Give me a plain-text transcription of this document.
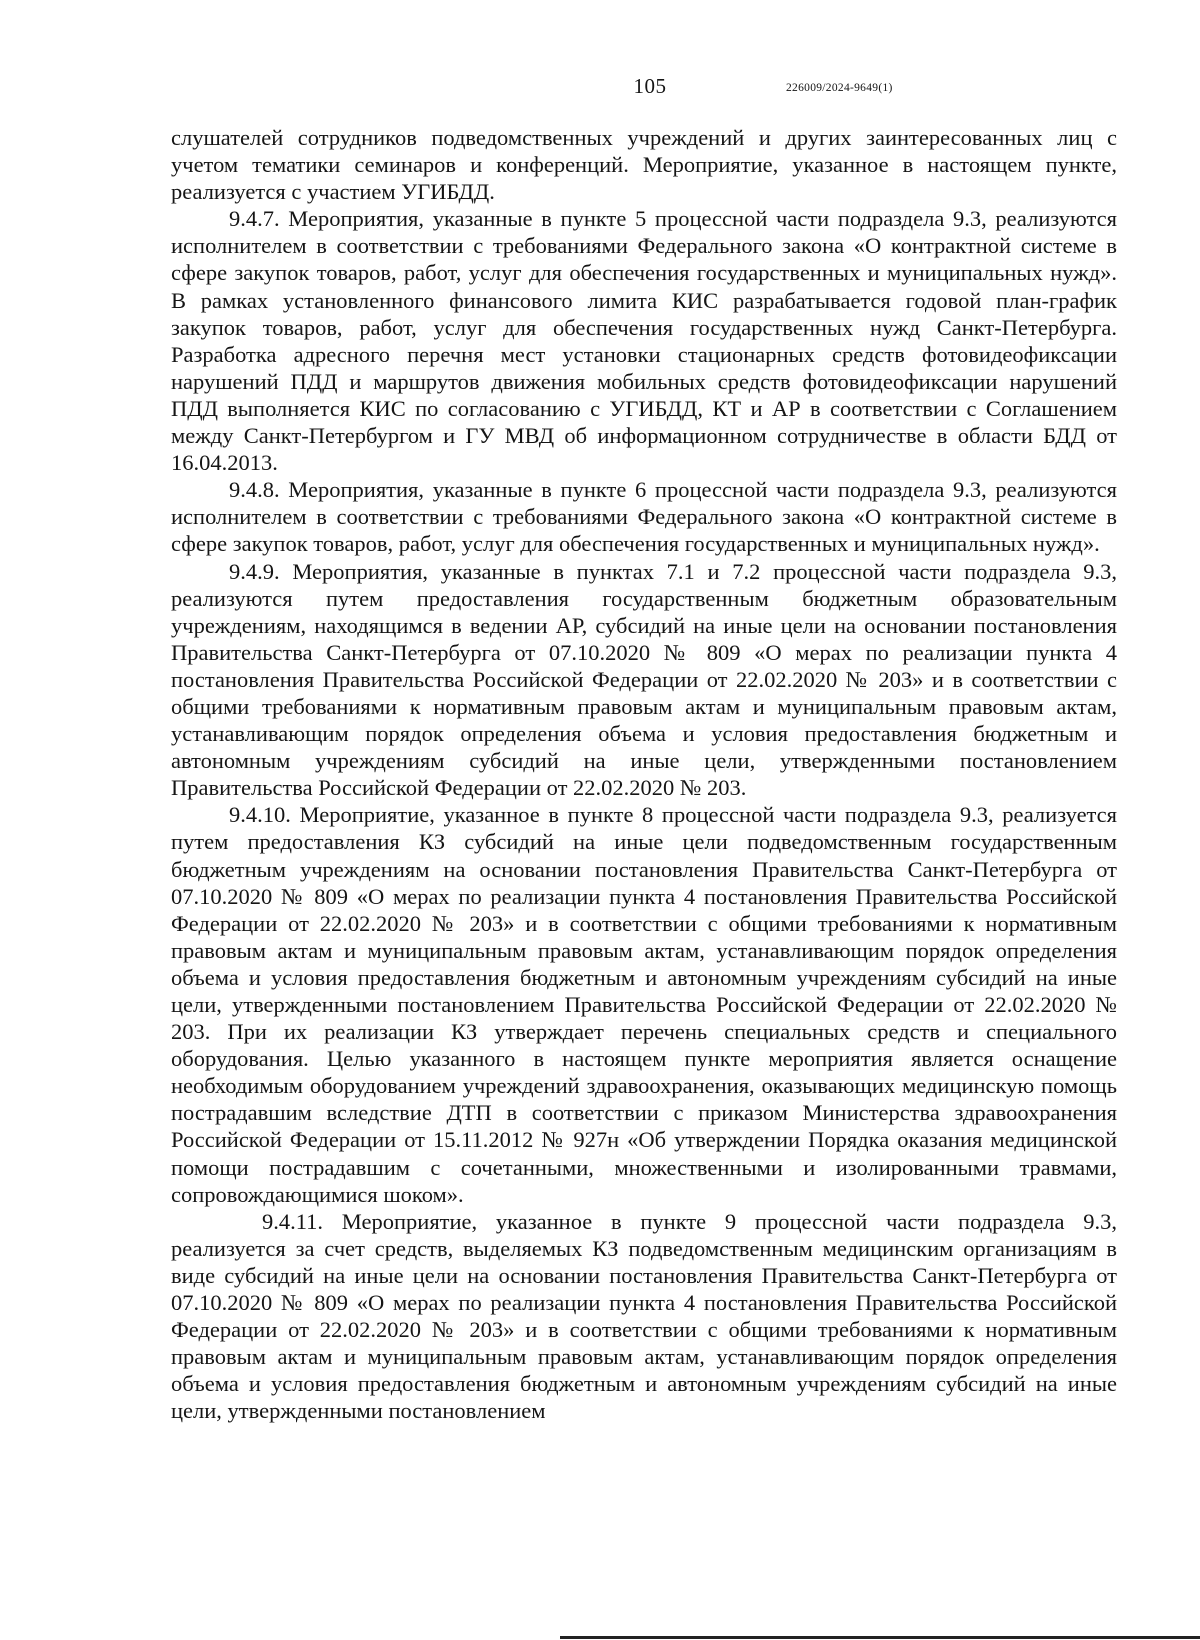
105	226009/2024-9649(1)

слушателей сотрудников подведомственных учреждений и других заинтересованных лиц с учетом тематики семинаров и конференций. Мероприятие, указанное в настоящем пункте, реализуется с участием УГИБДД.

9.4.7. Мероприятия, указанные в пункте 5 процессной части подраздела 9.3, реализуются исполнителем в соответствии с требованиями Федерального закона «О контрактной системе в сфере закупок товаров, работ, услуг для обеспечения государственных и муниципальных нужд». В рамках установленного финансового лимита КИС разрабатывается годовой план-график закупок товаров, работ, услуг для обеспечения государственных нужд Санкт-Петербурга. Разработка адресного перечня мест установки стационарных средств фотовидеофиксации нарушений ПДД и маршрутов движения мобильных средств фотовидеофиксации нарушений ПДД выполняется КИС по согласованию с УГИБДД, КТ и АР в соответствии с Соглашением между Санкт-Петербургом и ГУ МВД об информационном сотрудничестве в области БДД от 16.04.2013.

9.4.8. Мероприятия, указанные в пункте 6 процессной части подраздела 9.3, реализуются исполнителем в соответствии с требованиями Федерального закона «О контрактной системе в сфере закупок товаров, работ, услуг для обеспечения государственных и муниципальных нужд».

9.4.9. Мероприятия, указанные в пунктах 7.1 и 7.2 процессной части подраздела 9.3, реализуются путем предоставления государственным бюджетным образовательным учреждениям, находящимся в ведении АР, субсидий на иные цели на основании постановления Правительства Санкт-Петербурга от 07.10.2020 № 809 «О мерах по реализации пункта 4 постановления Правительства Российской Федерации от 22.02.2020 № 203» и в соответствии с общими требованиями к нормативным правовым актам и муниципальным правовым актам, устанавливающим порядок определения объема и условия предоставления бюджетным и автономным учреждениям субсидий на иные цели, утвержденными постановлением Правительства Российской Федерации от 22.02.2020 № 203.

9.4.10. Мероприятие, указанное в пункте 8 процессной части подраздела 9.3, реализуется путем предоставления КЗ субсидий на иные цели подведомственным государственным бюджетным учреждениям на основании постановления Правительства Санкт-Петербурга от 07.10.2020 № 809 «О мерах по реализации пункта 4 постановления Правительства Российской Федерации от 22.02.2020 № 203» и в соответствии с общими требованиями к нормативным правовым актам и муниципальным правовым актам, устанавливающим порядок определения объема и условия предоставления бюджетным и автономным учреждениям субсидий на иные цели, утвержденными постановлением Правительства Российской Федерации от 22.02.2020 № 203. При их реализации КЗ утверждает перечень специальных средств и специального оборудования. Целью указанного в настоящем пункте мероприятия является оснащение необходимым оборудованием учреждений здравоохранения, оказывающих медицинскую помощь пострадавшим вследствие ДТП в соответствии с приказом Министерства здравоохранения Российской Федерации от 15.11.2012 № 927н «Об утверждении Порядка оказания медицинской помощи пострадавшим с сочетанными, множественными и изолированными травмами, сопровождающимися шоком».

9.4.11. Мероприятие, указанное в пункте 9 процессной части подраздела 9.3, реализуется за счет средств, выделяемых КЗ подведомственным медицинским организациям в виде субсидий на иные цели на основании постановления Правительства Санкт-Петербурга от 07.10.2020 № 809 «О мерах по реализации пункта 4 постановления Правительства Российской Федерации от 22.02.2020 № 203» и в соответствии с общими требованиями к нормативным правовым актам и муниципальным правовым актам, устанавливающим порядок определения объема и условия предоставления бюджетным и автономным учреждениям субсидий на иные цели, утвержденными постановлением
